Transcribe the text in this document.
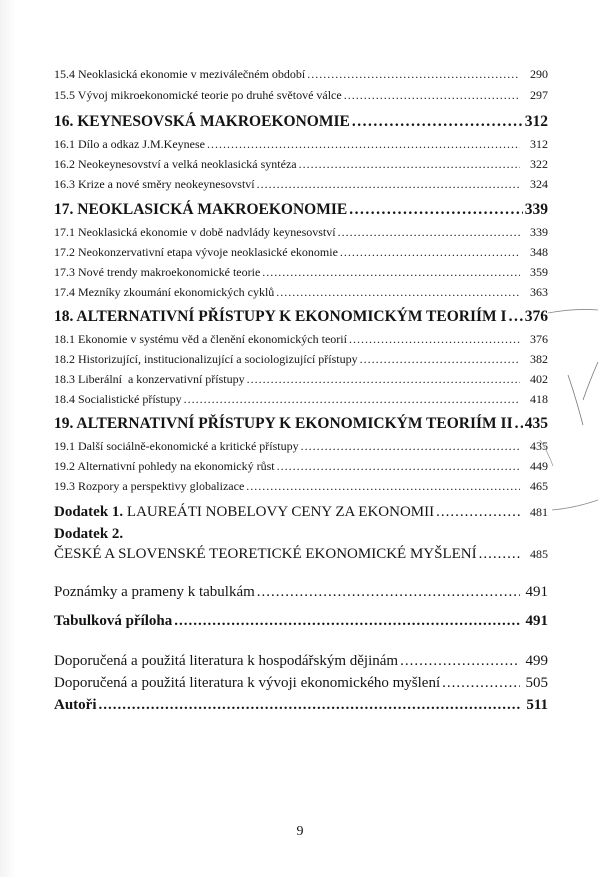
15.4 Neoklasická ekonomie v meziválečném období .....	290
15.5 Vývoj mikroekonomické teorie po druhé světové válce .....	297
16. KEYNESOVSKÁ MAKROEKONOMIE .....	312
16.1 Dílo a odkaz J.M.Keynese .....	312
16.2 Neokeynesovství a velká neoklasická syntéza .....	322
16.3 Krize a nové směry neokeynesovství .....	324
17. NEOKLASICKÁ MAKROEKONOMIE .....	339
17.1 Neoklasická ekonomie v době nadvlády keynesovství .....	339
17.2 Neokonzervativní etapa vývoje neoklasické ekonomie .....	348
17.3 Nové trendy makroekonomické teorie .....	359
17.4 Mezníky zkoumání ekonomických cyklů .....	363
18. ALTERNATIVNÍ PŘÍSTUPY K EKONOMICKÝM TEORIÍM I ..... 376
18.1 Ekonomie v systému věd a členění ekonomických teorií .....	376
18.2 Historizující, institucionalizující a sociologizující přístupy .....	382
18.3 Liberální  a konzervativní přístupy .....	402
18.4 Socialistické přístupy .....	418
19. ALTERNATIVNÍ PŘÍSTUPY K EKONOMICKÝM TEORIÍM II ..... 435
19.1 Další sociálně-ekonomické a kritické přístupy .....	435
19.2 Alternativní pohledy na ekonomický růst .....	449
19.3 Rozpory a perspektivy globalizace .....	465
Dodatek 1. LAUREÁTI NOBELOVY CENY ZA EKONOMII .....	481
Dodatek 2.
ČESKÉ A SLOVENSKÉ TEORETICKÉ EKONOMICKÉ MYŠLENÍ .....	485
Poznámky a prameny k tabulkám .....	491
Tabulková příloha .....	491
Doporučená a použitá literatura k hospodářským dějinám .....	499
Doporučená a použitá literatura k vývoji ekonomického myšlení .....	505
Autoři .....	511
9
